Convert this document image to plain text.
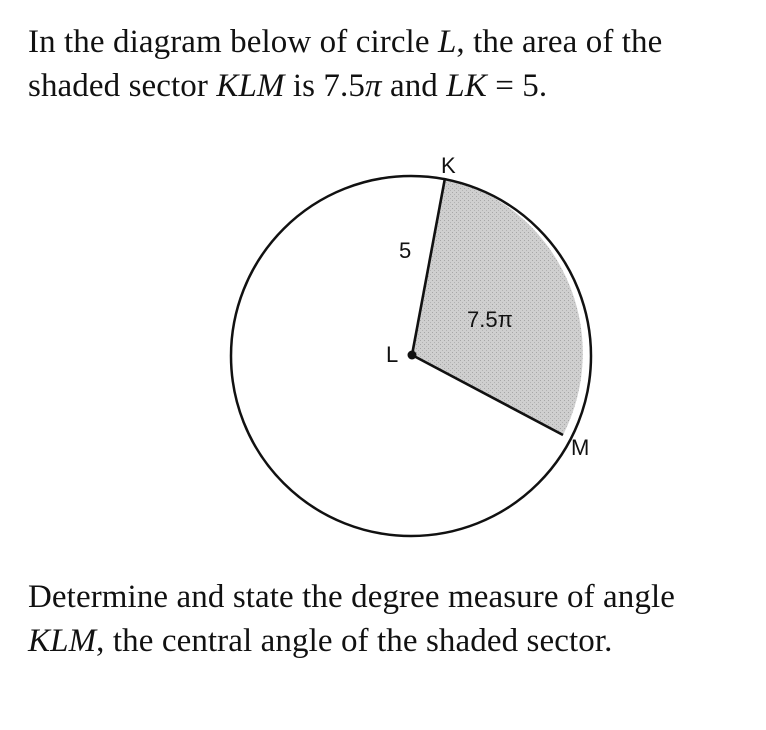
In the diagram below of circle L, the area of the
shaded sector KLM is 7.5π and LK = 5.
K
L
M
5
7.5π
Determine and state the degree measure of angle
KLM, the central angle of the shaded sector.
